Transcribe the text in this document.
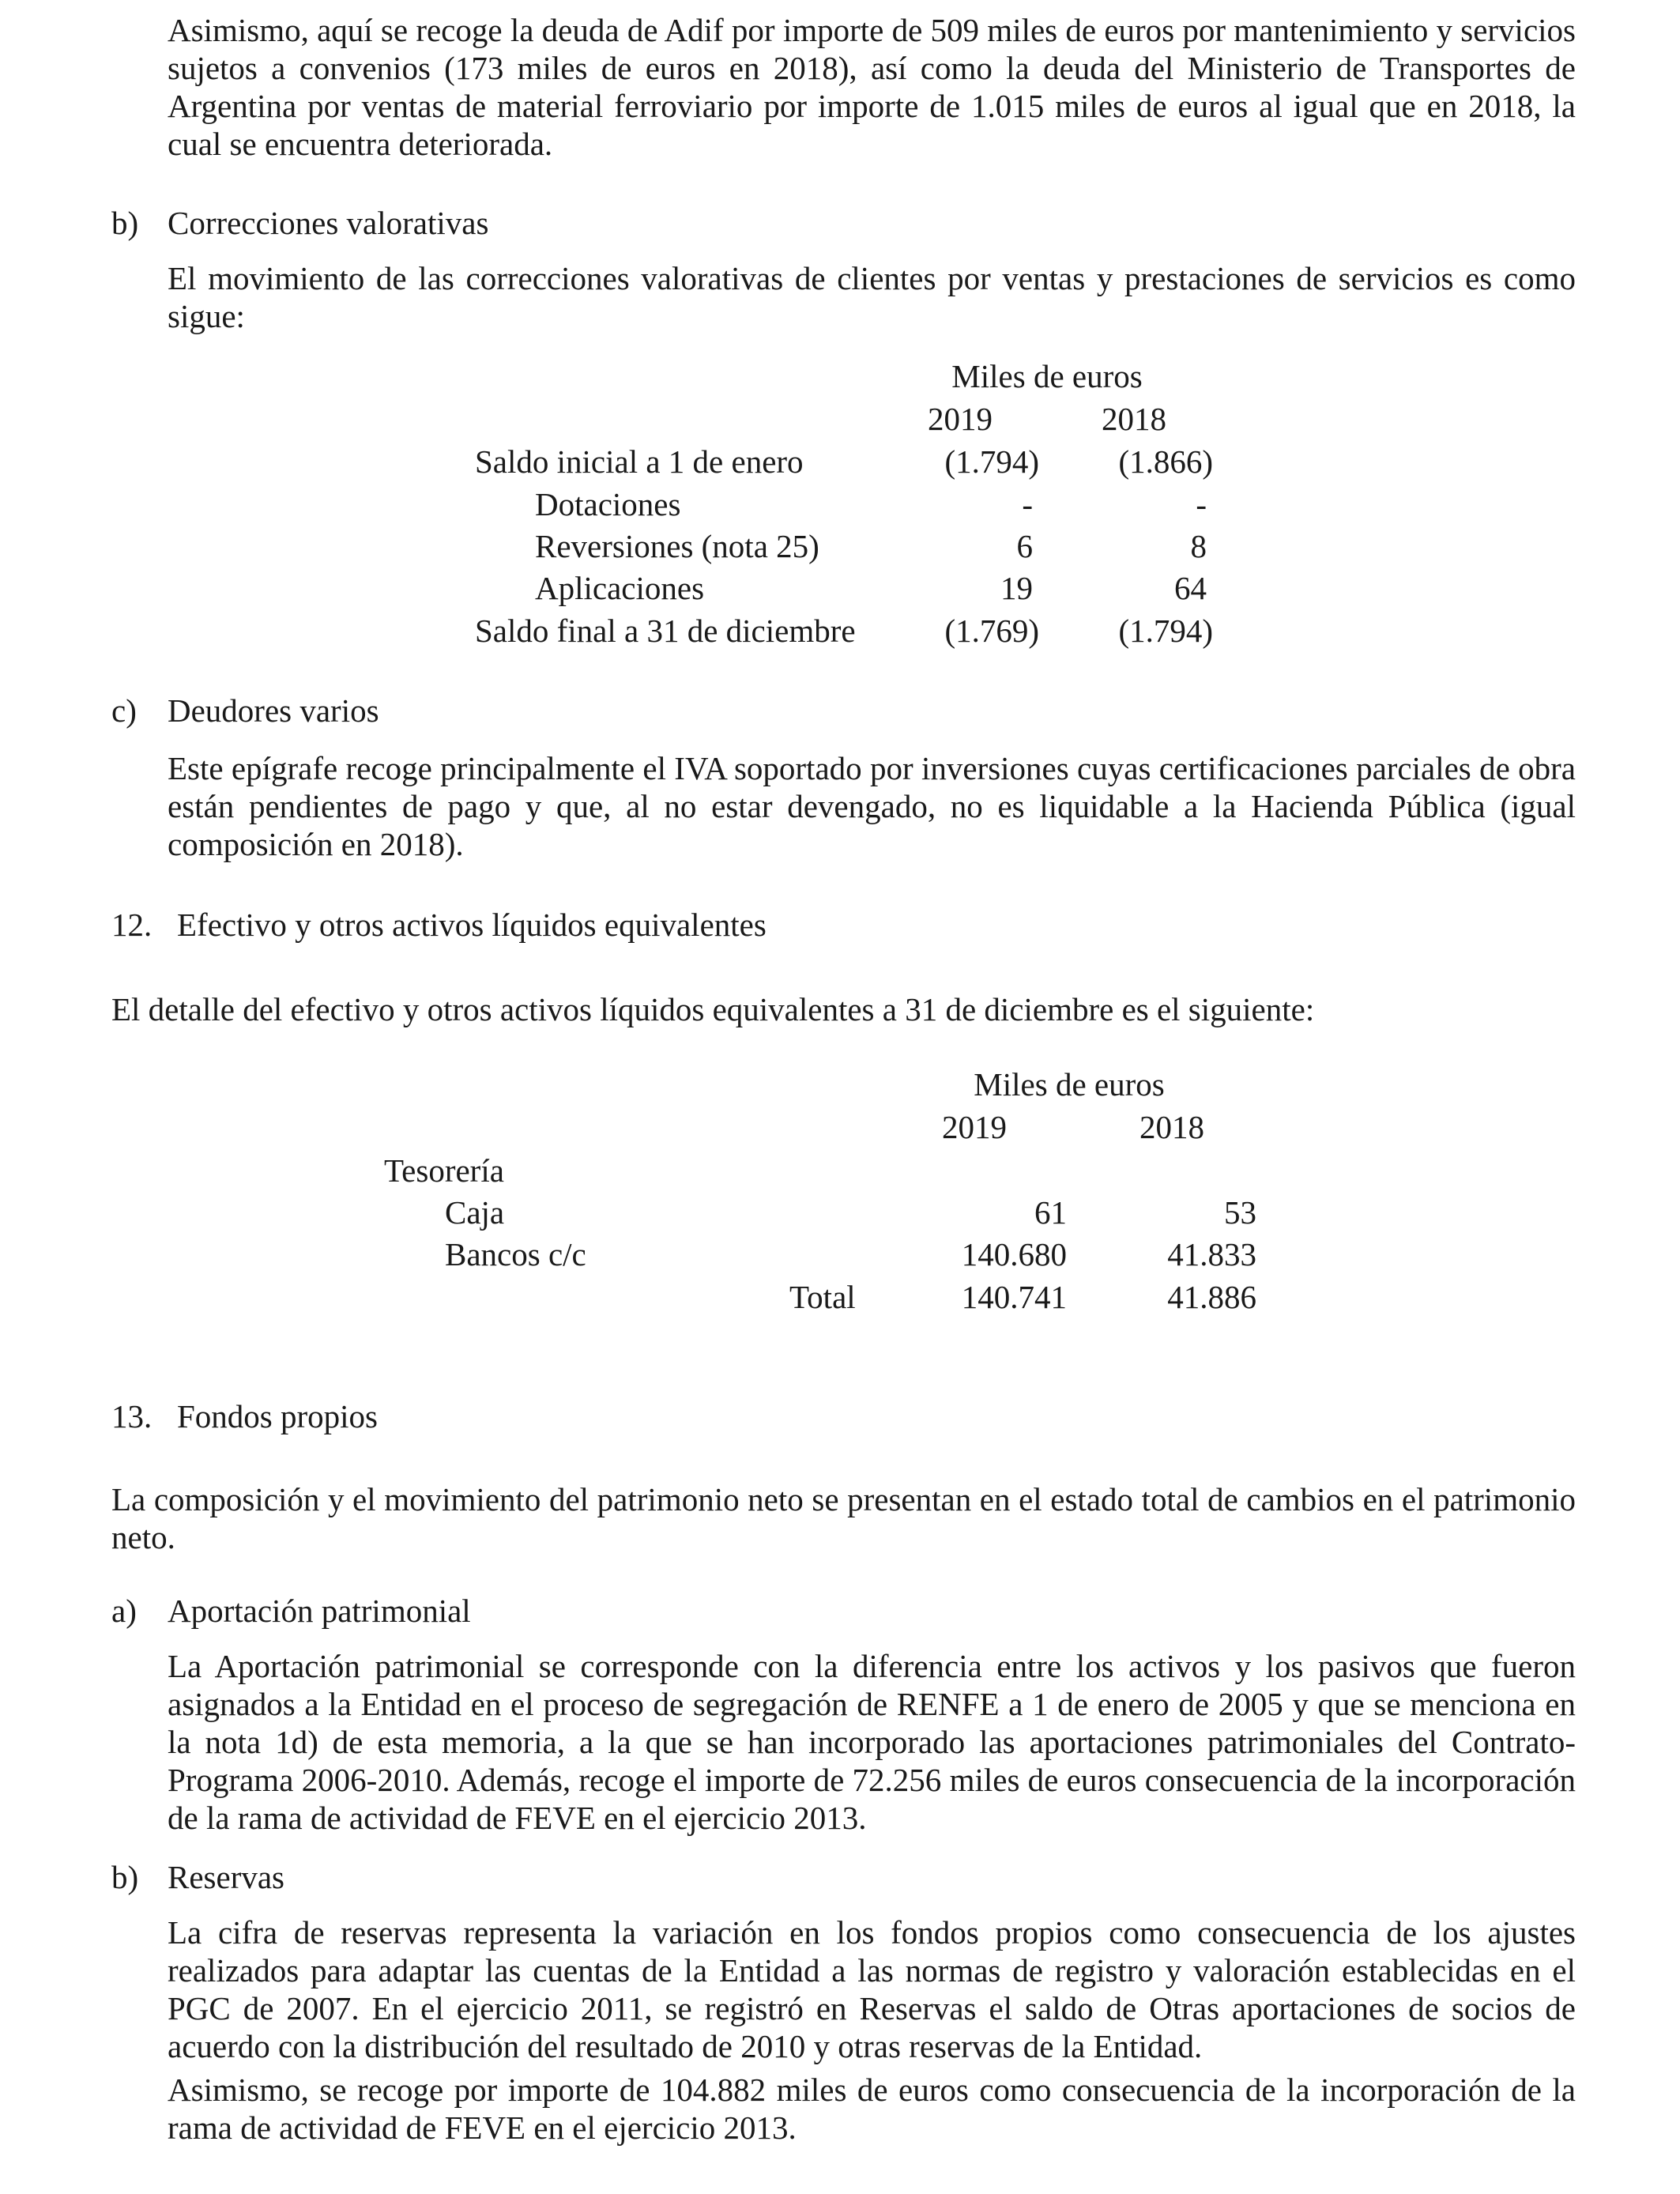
Asimismo, aquí se recoge la deuda de Adif por importe de 509 miles de euros por mantenimiento y servicios sujetos a convenios (173 miles de euros en 2018), así como la deuda del Ministerio de Transportes de Argentina por ventas de material ferroviario por importe de 1.015 miles de euros al igual que en 2018, la cual se encuentra deteriorada.

b) Correcciones valorativas

El movimiento de las correcciones valorativas de clientes por ventas y prestaciones de servicios es como sigue:

Miles de euros
2019	2018
Saldo inicial a 1 de enero	(1.794)	(1.866)
Dotaciones	-	-
Reversiones (nota 25)	6	8
Aplicaciones	19	64
Saldo final a 31 de diciembre	(1.769)	(1.794)
c) Deudores varios

Este epígrafe recoge principalmente el IVA soportado por inversiones cuyas certificaciones parciales de obra están pendientes de pago y que, al no estar devengado, no es liquidable a la Hacienda Pública (igual composición en 2018).

12. Efectivo y otros activos líquidos equivalentes

El detalle del efectivo y otros activos líquidos equivalentes a 31 de diciembre es el siguiente:

Miles de euros
2019	2018
Tesorería
Caja	61	53
Bancos c/c	140.680	41.833
Total	140.741	41.886
13. Fondos propios

La composición y el movimiento del patrimonio neto se presentan en el estado total de cambios en el patrimonio neto.

a) Aportación patrimonial

La Aportación patrimonial se corresponde con la diferencia entre los activos y los pasivos que fueron asignados a la Entidad en el proceso de segregación de RENFE a 1 de enero de 2005 y que se menciona en la nota 1d) de esta memoria, a la que se han incorporado las aportaciones patrimoniales del Contrato-Programa 2006-2010. Además, recoge el importe de 72.256 miles de euros consecuencia de la incorporación de la rama de actividad de FEVE en el ejercicio 2013.

b) Reservas

La cifra de reservas representa la variación en los fondos propios como consecuencia de los ajustes realizados para adaptar las cuentas de la Entidad a las normas de registro y valoración establecidas en el PGC de 2007. En el ejercicio 2011, se registró en Reservas el saldo de Otras aportaciones de socios de acuerdo con la distribución del resultado de 2010 y otras reservas de la Entidad.

Asimismo, se recoge por importe de 104.882 miles de euros como consecuencia de la incorporación de la rama de actividad de FEVE en el ejercicio 2013.
